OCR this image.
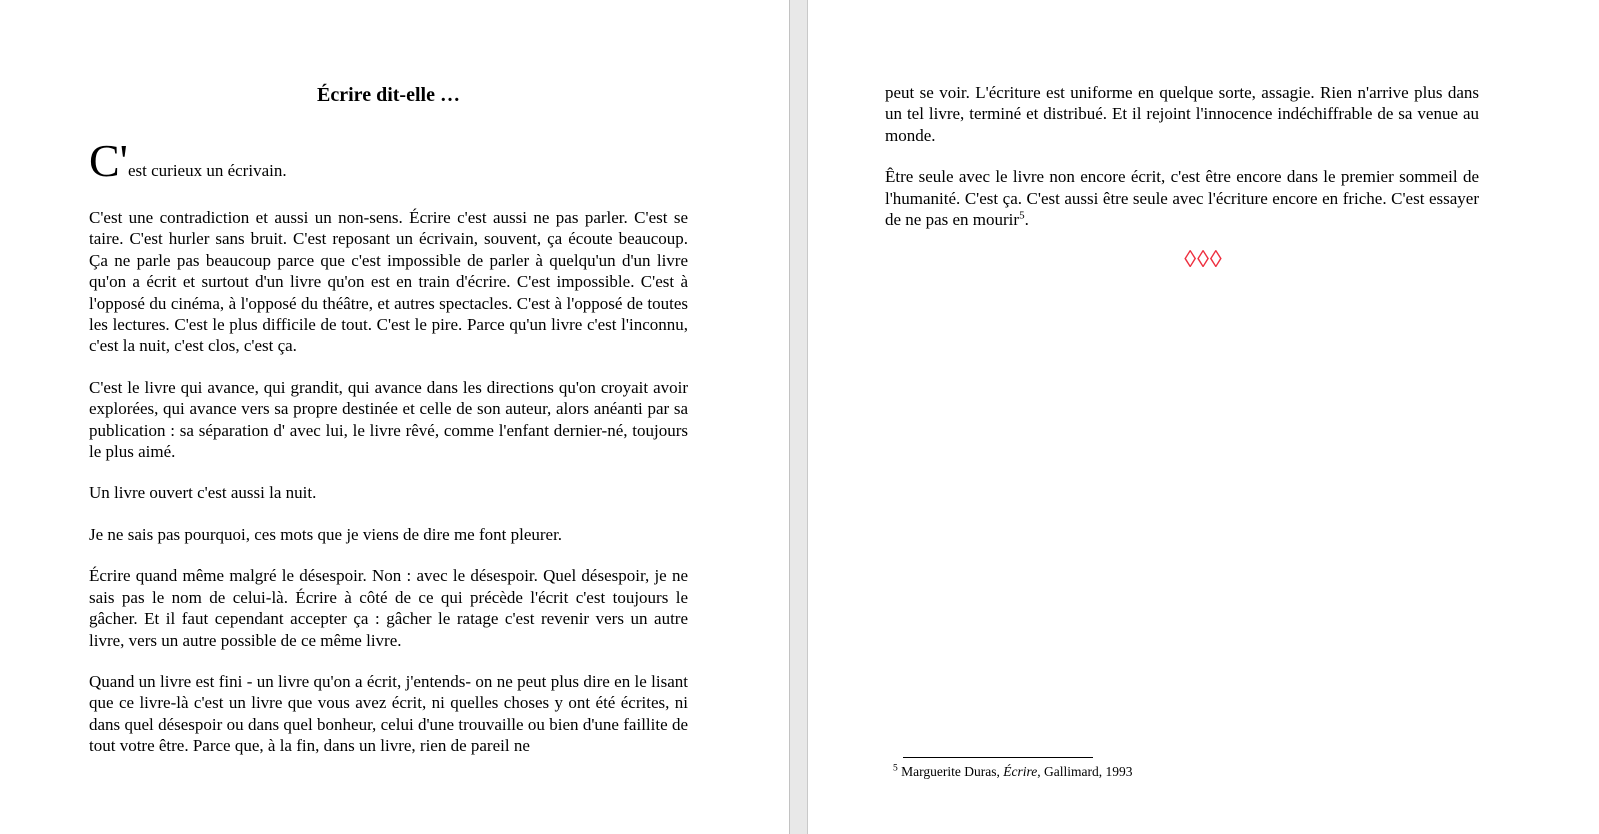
Écrire dit-elle …

C'est curieux un écrivain.

C'est une contradiction et aussi un non-sens. Écrire c'est aussi ne pas parler. C'est se taire. C'est hurler sans bruit. C'est reposant un écrivain, souvent, ça écoute beaucoup. Ça ne parle pas beaucoup parce que c'est impossible de parler à quelqu'un d'un livre qu'on a écrit et surtout d'un livre qu'on est en train d'écrire. C'est impossible. C'est à l'opposé du cinéma, à l'opposé du théâtre, et autres spectacles. C'est à l'opposé de toutes les lectures. C'est le plus difficile de tout. C'est le pire. Parce qu'un livre c'est l'inconnu, c'est la nuit, c'est clos, c'est ça.

C'est le livre qui avance, qui grandit, qui avance dans les directions qu'on croyait avoir explorées, qui avance vers sa propre destinée et celle de son auteur, alors anéanti par sa publication : sa séparation d' avec lui, le livre rêvé, comme l'enfant dernier-né, toujours le plus aimé.

Un livre ouvert c'est aussi la nuit.

Je ne sais pas pourquoi, ces mots que je viens de dire me font pleurer.

Écrire quand même malgré le désespoir. Non : avec le désespoir. Quel désespoir, je ne sais pas le nom de celui-là. Écrire à côté de ce qui précède l'écrit c'est toujours le gâcher. Et il faut cependant accepter ça : gâcher le ratage c'est revenir vers un autre livre, vers un autre possible de ce même livre.

Quand un livre est fini - un livre qu'on a écrit, j'entends- on ne peut plus dire en le lisant que ce livre-là c'est un livre que vous avez écrit, ni quelles choses y ont été écrites, ni dans quel désespoir ou dans quel bonheur, celui d'une trouvaille ou bien d'une faillite de tout votre être. Parce que, à la fin, dans un livre, rien de pareil ne

peut se voir. L'écriture est uniforme en quelque sorte, assagie. Rien n'arrive plus dans un tel livre, terminé et distribué. Et il rejoint l'innocence indéchiffrable de sa venue au monde.

Être seule avec le livre non encore écrit, c'est être encore dans le premier sommeil de l'humanité. C'est ça. C'est aussi être seule avec l'écriture encore en friche. C'est essayer de ne pas en mourir$^5$.

◊◊◊
$^5$ Marguerite Duras, Écrire, Gallimard, 1993
